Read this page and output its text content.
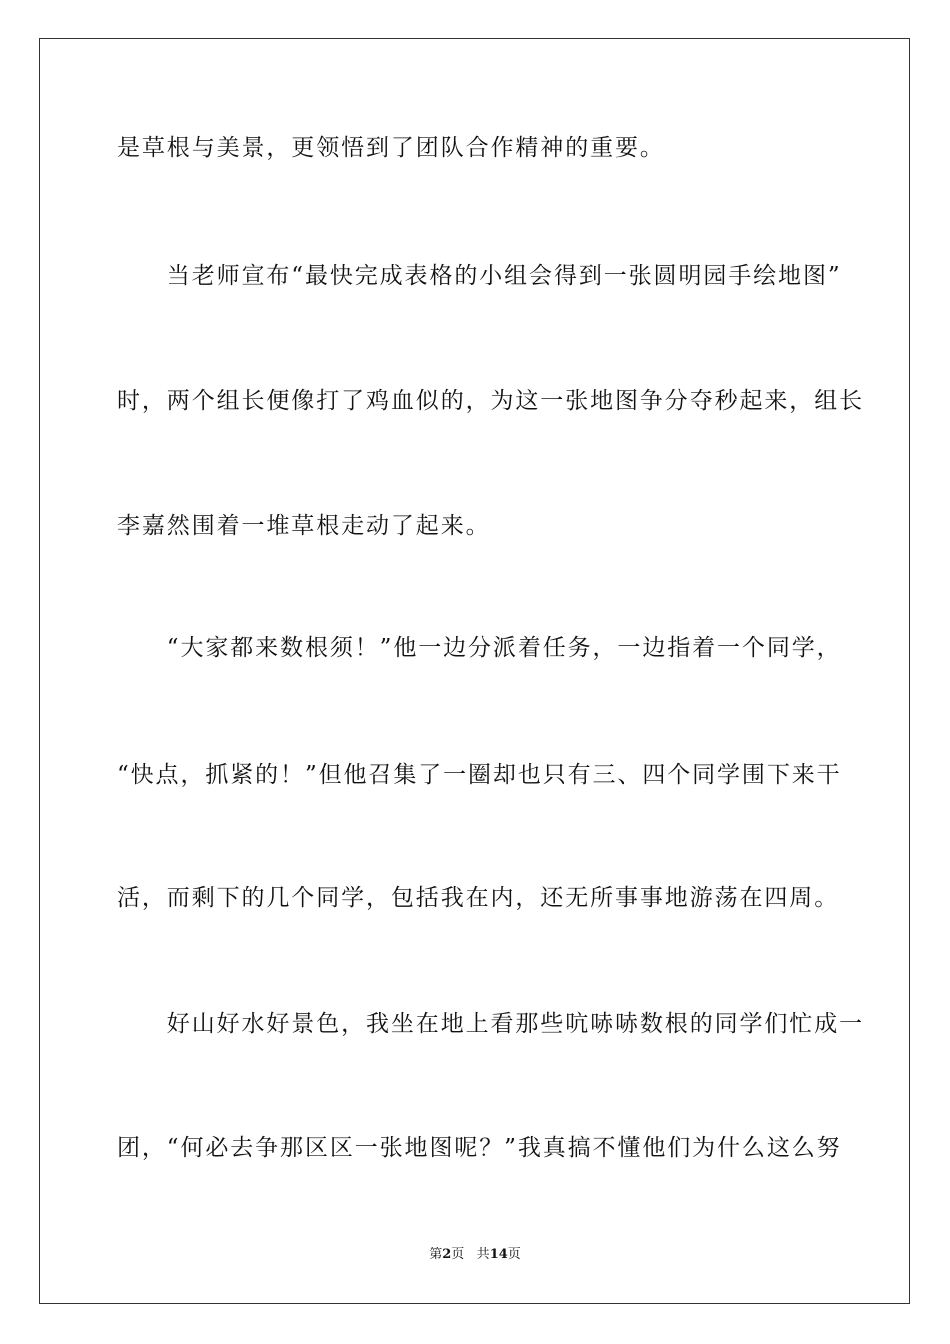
是草根与美景，更领悟到了团队合作精神的重要。
　　当老师宣布“最快完成表格的小组会得到一张圆明园手绘地图”
时，两个组长便像打了鸡血似的，为这一张地图争分夺秒起来，组长
李嘉然围着一堆草根走动了起来。
　　“大家都来数根须！”他一边分派着任务，一边指着一个同学，
“快点，抓紧的！”但他召集了一圈却也只有三、四个同学围下来干
活，而剩下的几个同学，包括我在内，还无所事事地游荡在四周。
　　好山好水好景色，我坐在地上看那些吭哧哧数根的同学们忙成一
团，“何必去争那区区一张地图呢？”我真搞不懂他们为什么这么努
第2页 共14页
